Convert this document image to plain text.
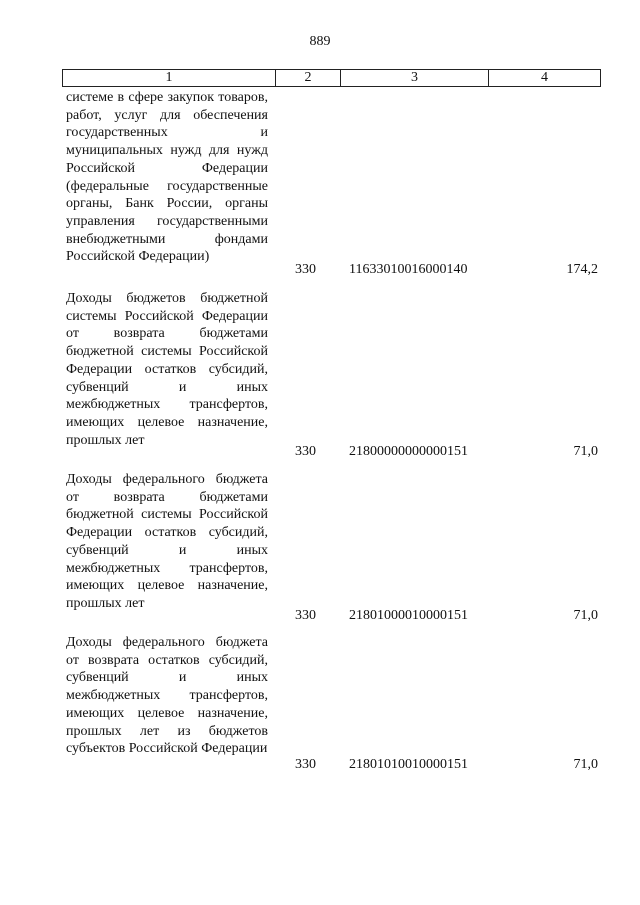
889
1	2	3	4
системе в сфере закупок товаров, работ, услуг для обеспечения государственных и муниципальных нужд для нужд Российской Федерации (федеральные государственные органы, Банк России, органы управления государственными внебюджетными фондами Российской Федерации)
330	11633010016000140	174,2
Доходы бюджетов бюджетной системы Российской Федерации от возврата бюджетами бюджетной системы Российской Федерации остатков субсидий, субвенций и иных межбюджетных трансфертов, имеющих целевое назначение, прошлых лет
330	21800000000000151	71,0
Доходы федерального бюджета от возврата бюджетами бюджетной системы Российской Федерации остатков субсидий, субвенций и иных межбюджетных трансфертов, имеющих целевое назначение, прошлых лет
330	21801000010000151	71,0
Доходы федерального бюджета от возврата остатков субсидий, субвенций и иных межбюджетных трансфертов, имеющих целевое назначение, прошлых лет из бюджетов субъектов Российской Федерации
330	21801010010000151	71,0
